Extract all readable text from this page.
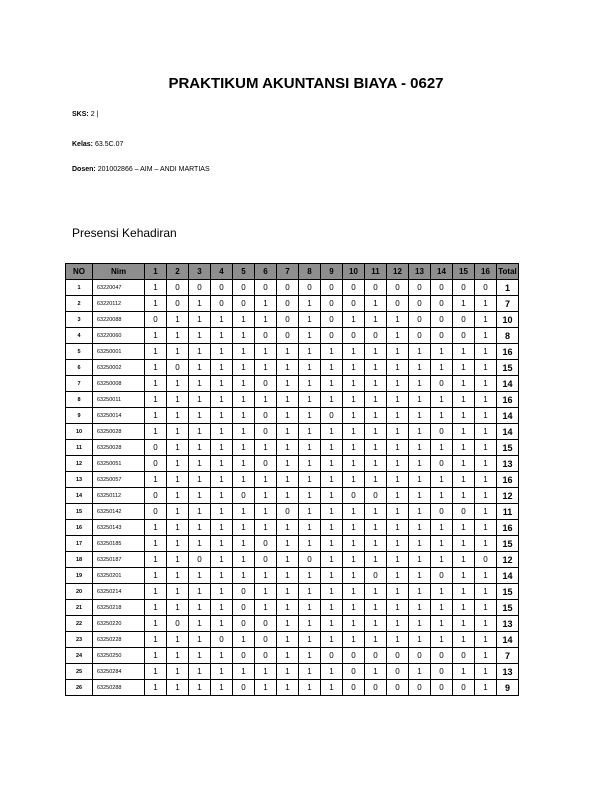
PRAKTIKUM AKUNTANSI BIAYA - 0627
SKS: 2 |
Kelas: 63.5C.07
Dosen: 201002866 – AIM – ANDI MARTIAS
Presensi Kehadiran
NO	Nim	1	2	3	4	5	6	7	8	9	10	11	12	13	14	15	16	Total
1	63220047	1	0	0	0	0	0	0	0	0	0	0	0	0	0	0	0	1
2	63220112	1	0	1	0	0	1	0	1	0	0	1	0	0	0	1	1	7
3	63220088	0	1	1	1	1	1	0	1	0	1	1	1	0	0	0	1	10
4	63220060	1	1	1	1	1	0	0	1	0	0	0	1	0	0	0	1	8
5	63250001	1	1	1	1	1	1	1	1	1	1	1	1	1	1	1	1	16
6	63250002	1	0	1	1	1	1	1	1	1	1	1	1	1	1	1	1	15
7	63250008	1	1	1	1	1	0	1	1	1	1	1	1	1	0	1	1	14
8	63250011	1	1	1	1	1	1	1	1	1	1	1	1	1	1	1	1	16
9	63250014	1	1	1	1	1	0	1	1	0	1	1	1	1	1	1	1	14
10	63250028	1	1	1	1	1	0	1	1	1	1	1	1	1	0	1	1	14
11	63250028	0	1	1	1	1	1	1	1	1	1	1	1	1	1	1	1	15
12	63250051	0	1	1	1	1	0	1	1	1	1	1	1	1	0	1	1	13
13	63250057	1	1	1	1	1	1	1	1	1	1	1	1	1	1	1	1	16
14	63250112	0	1	1	1	0	1	1	1	1	0	0	1	1	1	1	1	12
15	63250142	0	1	1	1	1	1	0	1	1	1	1	1	1	0	0	1	11
16	63250143	1	1	1	1	1	1	1	1	1	1	1	1	1	1	1	1	16
17	63250185	1	1	1	1	1	0	1	1	1	1	1	1	1	1	1	1	15
18	63250187	1	1	0	1	1	0	1	0	1	1	1	1	1	1	1	0	12
19	63250201	1	1	1	1	1	1	1	1	1	1	0	1	1	0	1	1	14
20	63250214	1	1	1	1	0	1	1	1	1	1	1	1	1	1	1	1	15
21	63250218	1	1	1	1	0	1	1	1	1	1	1	1	1	1	1	1	15
22	63250220	1	0	1	1	0	0	1	1	1	1	1	1	1	1	1	1	13
23	63250228	1	1	1	0	1	0	1	1	1	1	1	1	1	1	1	1	14
24	63250250	1	1	1	1	0	0	1	1	0	0	0	0	0	0	0	1	7
25	63250284	1	1	1	1	1	1	1	1	1	0	1	0	1	0	1	1	13
26	63250288	1	1	1	1	0	1	1	1	1	0	0	0	0	0	0	1	9
